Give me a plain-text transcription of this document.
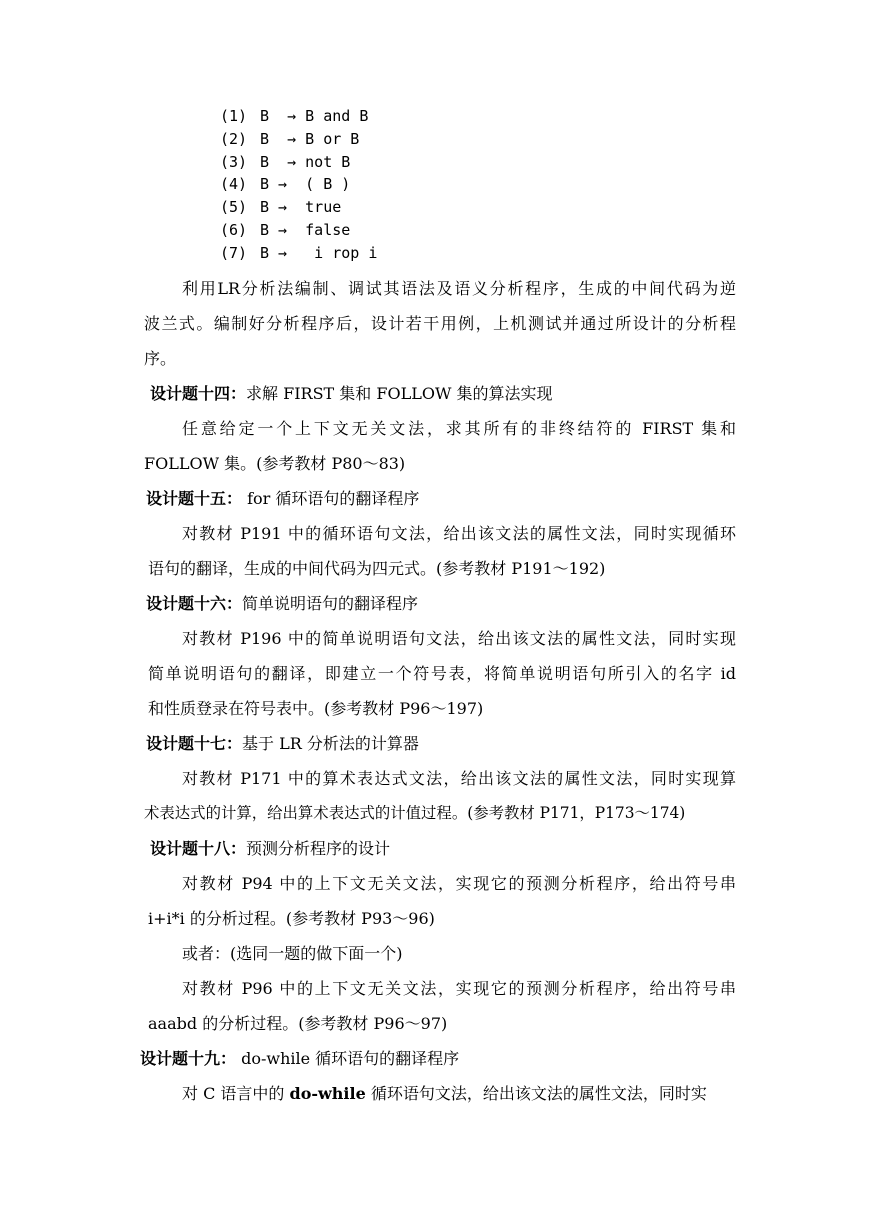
(1) B  → B and B
(2) B  → B or B
(3) B  → not B
(4) B →  ( B )
(5) B →  true
(6) B →  false
(7) B →   i rop i
利用LR分析法编制、调试其语法及语义分析程序，生成的中间代码为逆
波兰式。编制好分析程序后，设计若干用例，上机测试并通过所设计的分析程
序。
设计题十四：求解 FIRST 集和 FOLLOW 集的算法实现
任意给定一个上下文无关文法，求其所有的非终结符的 FIRST 集和
FOLLOW 集。(参考教材 P80～83)
设计题十五： for 循环语句的翻译程序
对教材 P191 中的循环语句文法，给出该文法的属性文法，同时实现循环
语句的翻译，生成的中间代码为四元式。(参考教材 P191～192)
设计题十六：简单说明语句的翻译程序
对教材 P196 中的简单说明语句文法，给出该文法的属性文法，同时实现
简单说明语句的翻译，即建立一个符号表，将简单说明语句所引入的名字 id
和性质登录在符号表中。(参考教材 P96～197)
设计题十七：基于 LR 分析法的计算器
对教材 P171 中的算术表达式文法，给出该文法的属性文法，同时实现算
术表达式的计算，给出算术表达式的计值过程。(参考教材 P171，P173～174)
设计题十八：预测分析程序的设计
对教材 P94 中的上下文无关文法，实现它的预测分析程序，给出符号串
i+i*i 的分析过程。(参考教材 P93～96)
或者：(选同一题的做下面一个)
对教材 P96 中的上下文无关文法，实现它的预测分析程序，给出符号串
aaabd 的分析过程。(参考教材 P96～97)
设计题十九： do-while 循环语句的翻译程序
对 C 语言中的 do-while 循环语句文法，给出该文法的属性文法，同时实
